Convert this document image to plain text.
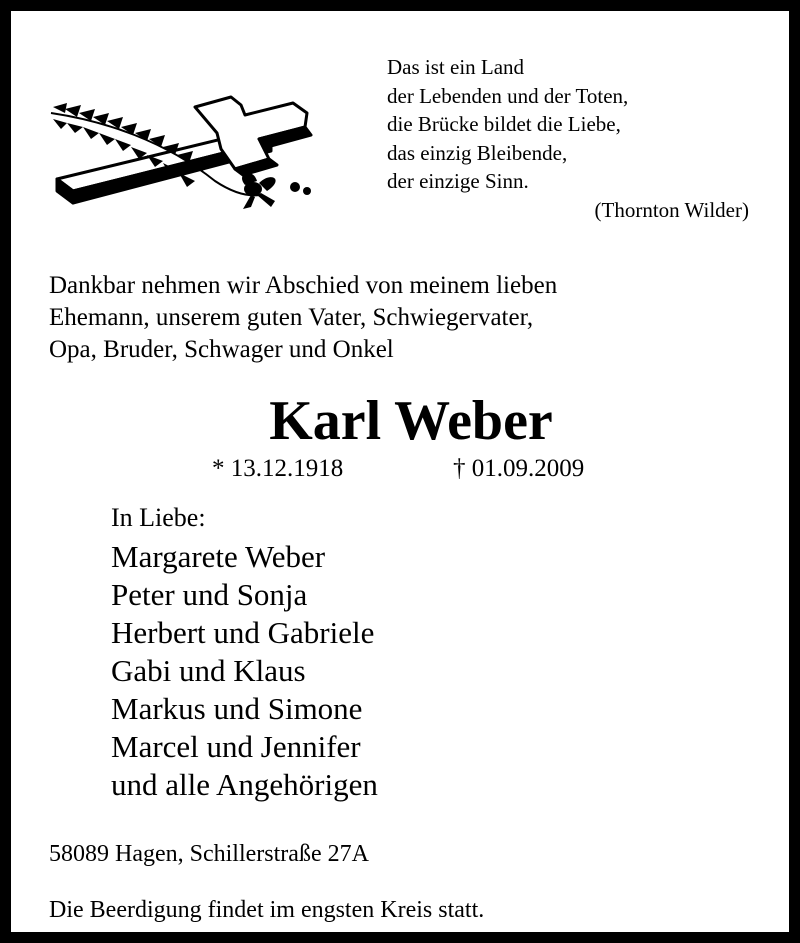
Das ist ein Land
der Lebenden und der Toten,
die Brücke bildet die Liebe,
das einzig Bleibende,
der einzige Sinn.
(Thornton Wilder)
Dankbar nehmen wir Abschied von meinem lieben
Ehemann, unserem guten Vater, Schwiegervater,
Opa, Bruder, Schwager und Onkel
Karl Weber
* 13.12.1918	† 01.09.2009
In Liebe:
Margarete Weber
Peter und Sonja
Herbert und Gabriele
Gabi und Klaus
Markus und Simone
Marcel und Jennifer
und alle Angehörigen
58089 Hagen, Schillerstraße 27A
Die Beerdigung findet im engsten Kreis statt.
